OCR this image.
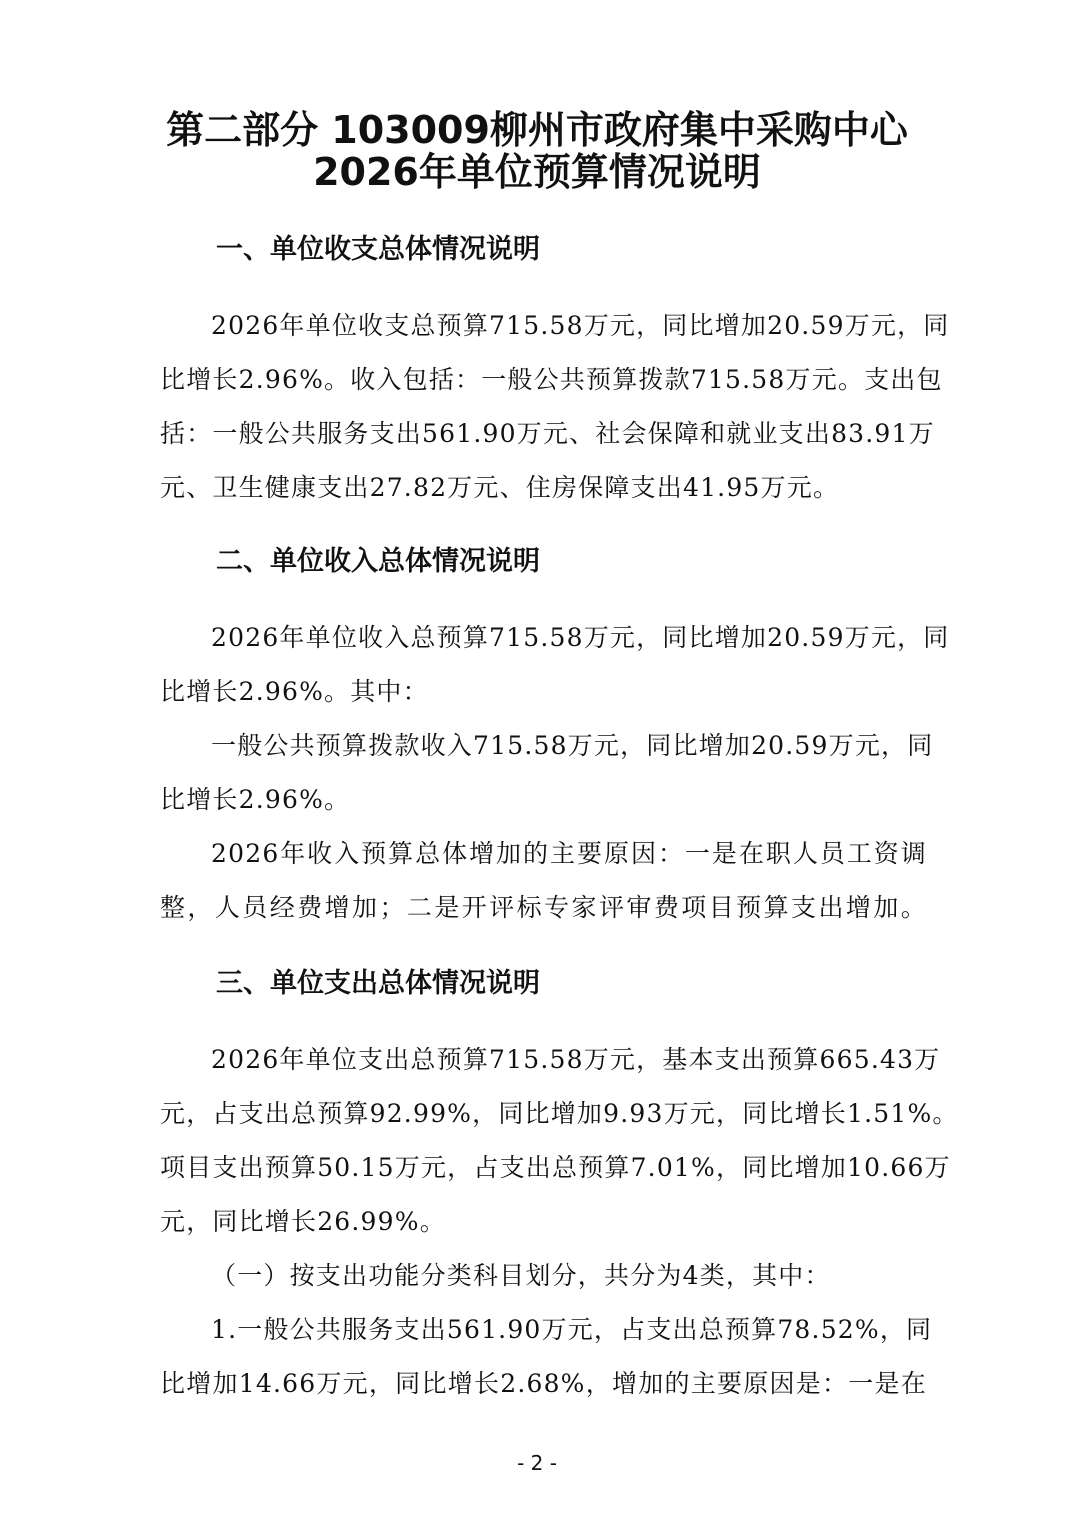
第二部分 103009柳州市政府集中采购中心
2026年单位预算情况说明
一、单位收支总体情况说明

2026年单位收支总预算715.58万元，同比增加20.59万元，同

比增长2.96%。收入包括：一般公共预算拨款715.58万元。支出包

括：一般公共服务支出561.90万元、社会保障和就业支出83.91万

元、卫生健康支出27.82万元、住房保障支出41.95万元。

二、单位收入总体情况说明

2026年单位收入总预算715.58万元，同比增加20.59万元，同

比增长2.96%。其中：

一般公共预算拨款收入715.58万元，同比增加20.59万元，同

比增长2.96%。

2026年收入预算总体增加的主要原因：一是在职人员工资调

整，人员经费增加；二是开评标专家评审费项目预算支出增加。

三、单位支出总体情况说明

2026年单位支出总预算715.58万元，基本支出预算665.43万

元，占支出总预算92.99%，同比增加9.93万元，同比增长1.51%。

项目支出预算50.15万元，占支出总预算7.01%，同比增加10.66万

元，同比增长26.99%。

（一）按支出功能分类科目划分，共分为4类，其中：

1.一般公共服务支出561.90万元，占支出总预算78.52%，同

比增加14.66万元，同比增长2.68%，增加的主要原因是：一是在

- 2 -
